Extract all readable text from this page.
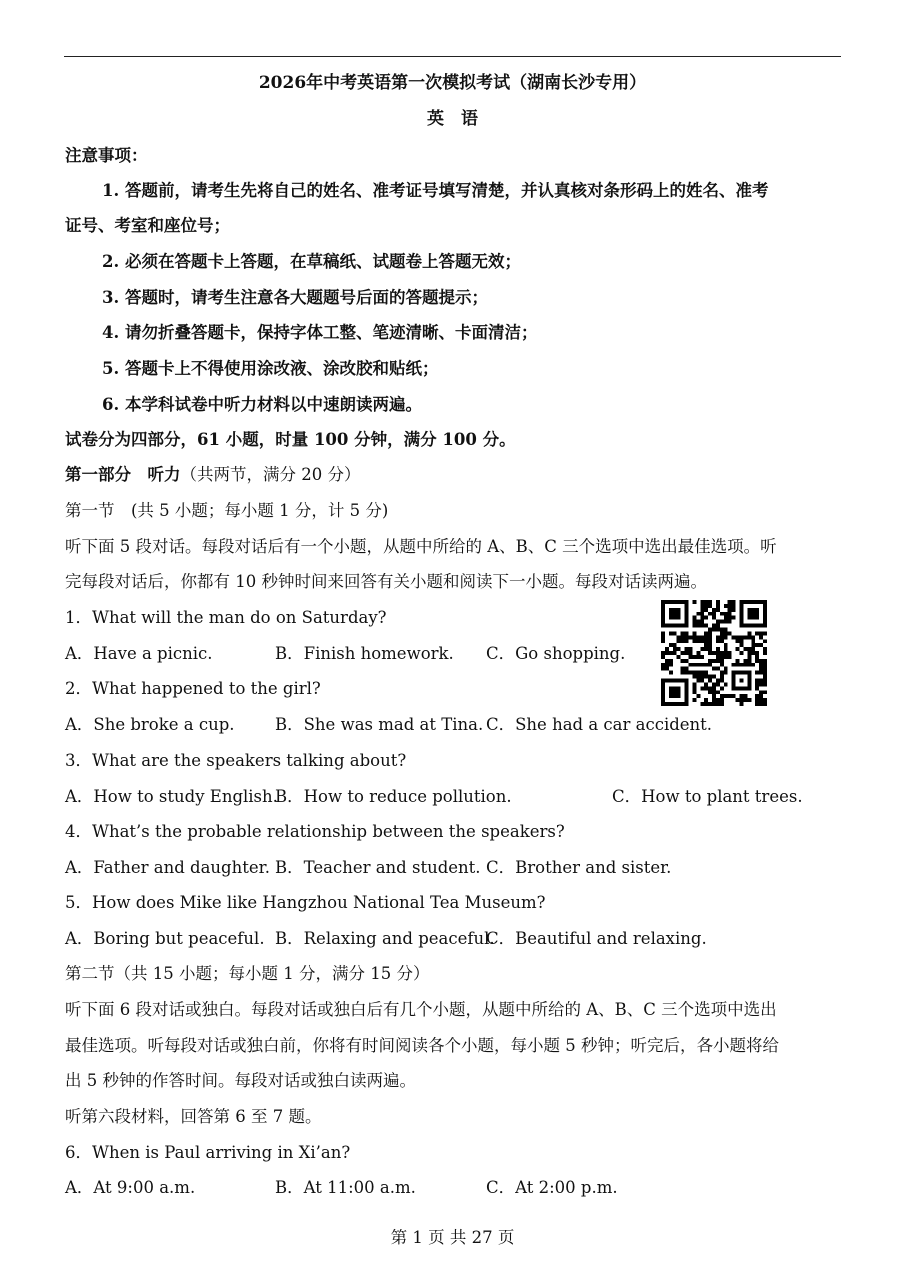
2026年中考英语第一次模拟考试（湖南长沙专用）
英　语
注意事项：
1. 答题前，请考生先将自己的姓名、准考证号填写清楚，并认真核对条形码上的姓名、准考
证号、考室和座位号；
2. 必须在答题卡上答题，在草稿纸、试题卷上答题无效；
3. 答题时，请考生注意各大题题号后面的答题提示；
4. 请勿折叠答题卡，保持字体工整、笔迹清晰、卡面清洁；
5. 答题卡上不得使用涂改液、涂改胶和贴纸；
6. 本学科试卷中听力材料以中速朗读两遍。
试卷分为四部分，61 小题，时量 100 分钟，满分 100 分。
第一部分　听力（共两节，满分 20 分）
第一节　(共 5 小题；每小题 1 分，计 5 分)
听下面 5 段对话。每段对话后有一个小题，从题中所给的 A、B、C 三个选项中选出最佳选项。听
完每段对话后，你都有 10 秒钟时间来回答有关小题和阅读下一小题。每段对话读两遍。
1．What will the man do on Saturday?
A．Have a picnic.	B．Finish homework. C．Go shopping.
2．What happened to the girl?
A．She broke a cup. B．She was mad at Tina. C．She had a car accident.
3．What are the speakers talking about?
A．How to study English.
B．How to reduce pollution.	C．How to plant trees.
4．What’s the probable relationship between the speakers?
A．Father and daughter. B．Teacher and student. C．Brother and sister.
5．How does Mike like Hangzhou National Tea Museum?
A．Boring but peaceful. B．Relaxing and peaceful.
C．Beautiful and relaxing.
第二节（共 15 小题；每小题 1 分，满分 15 分）
听下面 6 段对话或独白。每段对话或独白后有几个小题，从题中所给的 A、B、C 三个选项中选出
最佳选项。听每段对话或独白前，你将有时间阅读各个小题，每小题 5 秒钟；听完后，各小题将给
出 5 秒钟的作答时间。每段对话或独白读两遍。
听第六段材料，回答第 6 至 7 题。
6．When is Paul arriving in Xi’an?
A．At 9:00 a.m.	B．At 11:00 a.m.	C．At 2:00 p.m.
第 1 页 共 27 页
